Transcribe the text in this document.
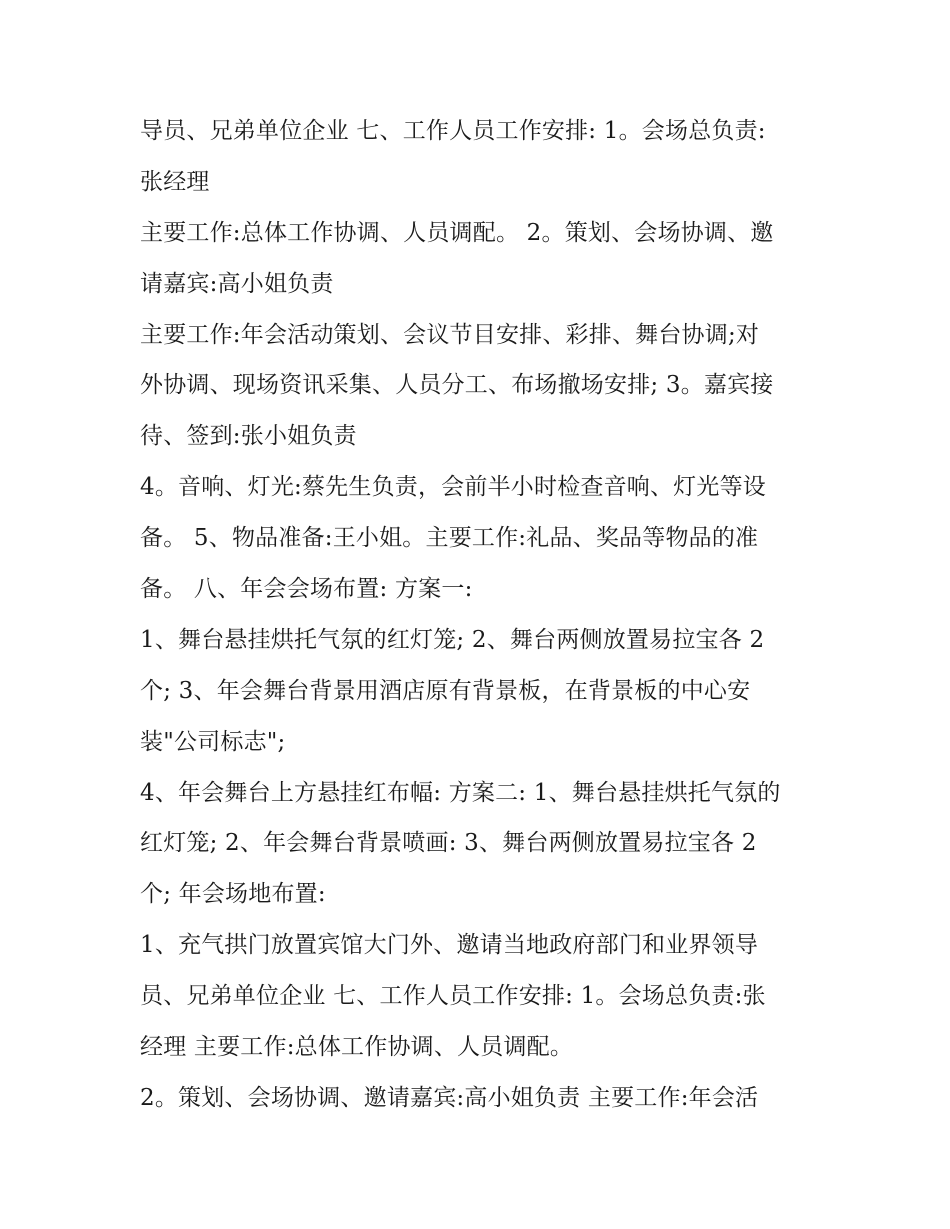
导员、兄弟单位企业 七、工作人员工作安排: 1。会场总负责:
张经理
主要工作:总体工作协调、人员调配。 2。策划、会场协调、邀
请嘉宾:高小姐负责
主要工作:年会活动策划、会议节目安排、彩排、舞台协调;对
外协调、现场资讯采集、人员分工、布场撤场安排; 3。嘉宾接
待、签到:张小姐负责
4。音响、灯光:蔡先生负责，会前半小时检查音响、灯光等设
备。 5、物品准备:王小姐。主要工作:礼品、奖品等物品的准
备。 八、年会会场布置: 方案一:
1、舞台悬挂烘托气氛的红灯笼; 2、舞台两侧放置易拉宝各 2
个; 3、年会舞台背景用酒店原有背景板，在背景板的中心安
装"公司标志";
4、年会舞台上方悬挂红布幅: 方案二: 1、舞台悬挂烘托气氛的
红灯笼; 2、年会舞台背景喷画: 3、舞台两侧放置易拉宝各 2
个; 年会场地布置:
1、充气拱门放置宾馆大门外、邀请当地政府部门和业界领导
员、兄弟单位企业 七、工作人员工作安排: 1。会场总负责:张
经理 主要工作:总体工作协调、人员调配。
2。策划、会场协调、邀请嘉宾:高小姐负责 主要工作:年会活
